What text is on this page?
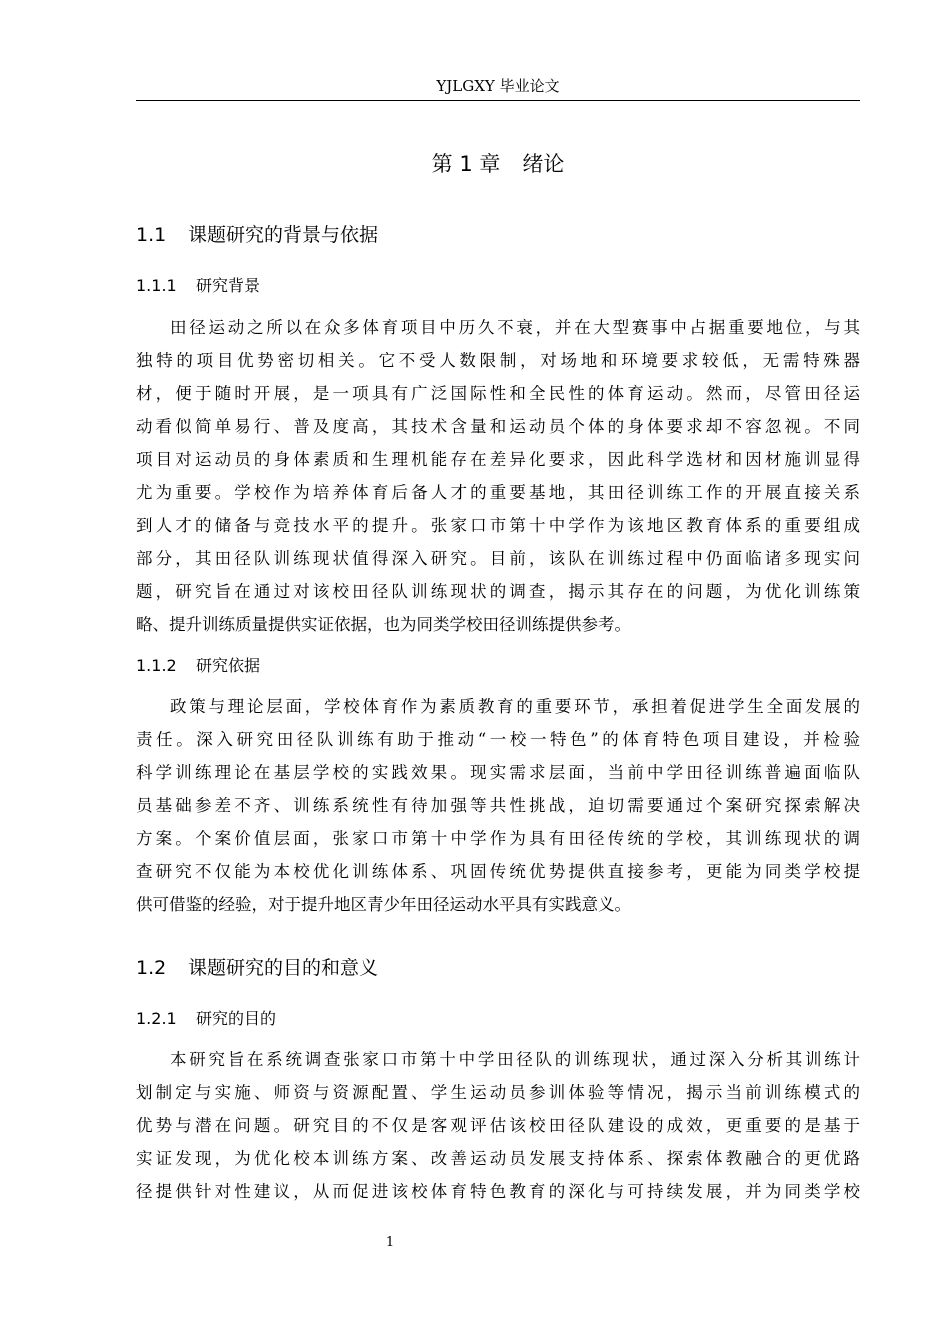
YJLGXY 毕业论文
第 1 章 绪论
1.1 课题研究的背景与依据
1.1.1 研究背景

田径运动之所以在众多体育项目中历久不衰，并在大型赛事中占据重要地位，与其
独特的项目优势密切相关。它不受人数限制，对场地和环境要求较低，无需特殊器
材，便于随时开展，是一项具有广泛国际性和全民性的体育运动。然而，尽管田径运
动看似简单易行、普及度高，其技术含量和运动员个体的身体要求却不容忽视。不同
项目对运动员的身体素质和生理机能存在差异化要求，因此科学选材和因材施训显得
尤为重要。学校作为培养体育后备人才的重要基地，其田径训练工作的开展直接关系
到人才的储备与竞技水平的提升。张家口市第十中学作为该地区教育体系的重要组成
部分，其田径队训练现状值得深入研究。目前，该队在训练过程中仍面临诸多现实问
题，研究旨在通过对该校田径队训练现状的调查，揭示其存在的问题，为优化训练策
略、提升训练质量提供实证依据，也为同类学校田径训练提供参考。

1.1.2 研究依据

政策与理论层面，学校体育作为素质教育的重要环节，承担着促进学生全面发展的
责任。深入研究田径队训练有助于推动“一校一特色”的体育特色项目建设，并检验
科学训练理论在基层学校的实践效果。现实需求层面，当前中学田径训练普遍面临队
员基础参差不齐、训练系统性有待加强等共性挑战，迫切需要通过个案研究探索解决
方案。个案价值层面，张家口市第十中学作为具有田径传统的学校，其训练现状的调
查研究不仅能为本校优化训练体系、巩固传统优势提供直接参考，更能为同类学校提
供可借鉴的经验，对于提升地区青少年田径运动水平具有实践意义。

1.2 课题研究的目的和意义
1.2.1 研究的目的

本研究旨在系统调查张家口市第十中学田径队的训练现状，通过深入分析其训练计
划制定与实施、师资与资源配置、学生运动员参训体验等情况，揭示当前训练模式的
优势与潜在问题。研究目的不仅是客观评估该校田径队建设的成效，更重要的是基于
实证发现，为优化校本训练方案、改善运动员发展支持体系、探索体教融合的更优路
径提供针对性建议，从而促进该校体育特色教育的深化与可持续发展，并为同类学校

1
